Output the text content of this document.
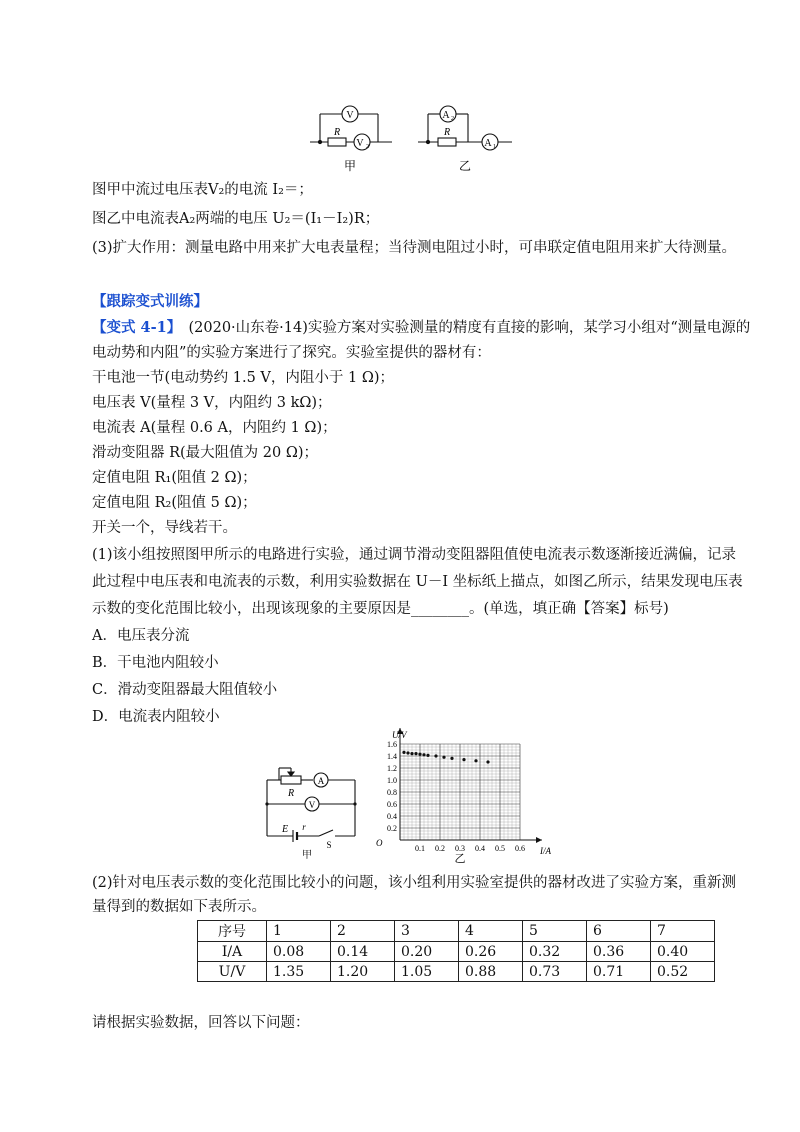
V
R
V 2
甲
A 2
R
A 1
乙
图甲中流过电压表V₂的电流 I₂＝；
图乙中电流表A₂两端的电压 U₂＝(I₁－I₂)R；
(3)扩大作用：测量电路中用来扩大电表量程；当待测电阻过小时，可串联定值电阻用来扩大待测量。
【跟踪变式训练】
【变式 4-1】　(2020·山东卷·14)实验方案对实验测量的精度有直接的影响，某学习小组对“测量电源的
电动势和内阻”的实验方案进行了探究。实验室提供的器材有：
干电池一节(电动势约 1.5 V，内阻小于 1 Ω)；
电压表 V(量程 3 V，内阻约 3 kΩ)；
电流表 A(量程 0.6 A，内阻约 1 Ω)；
滑动变阻器 R(最大阻值为 20 Ω)；
定值电阻 R₁(阻值 2 Ω)；
定值电阻 R₂(阻值 5 Ω)；
开关一个，导线若干。
(1)该小组按照图甲所示的电路进行实验，通过调节滑动变阻器阻值使电流表示数逐渐接近满偏，记录
此过程中电压表和电流表的示数，利用实验数据在 U－I 坐标纸上描点，如图乙所示，结果发现电压表
示数的变化范围比较小，出现该现象的主要原因是________。(单选，填正确【答案】标号)
A．电压表分流
B．干电池内阻较小
C．滑动变阻器最大阻值较小
D．电流表内阻较小
R
A
V
E r
S
甲
0.1 0.2 0.3 0.4 0.5 0.6
0.2
0.4
0.6
0.8
1.0
1.2
1.4
1.6
U/V
I/A
O
乙
(2)针对电压表示数的变化范围比较小的问题，该小组利用实验室提供的器材改进了实验方案，重新测
量得到的数据如下表所示。
序号	1	2	3	4	5	6	7
I/A	0.08	0.14	0.20	0.26	0.32	0.36	0.40
U/V	1.35	1.20	1.05	0.88	0.73	0.71	0.52
请根据实验数据，回答以下问题：
